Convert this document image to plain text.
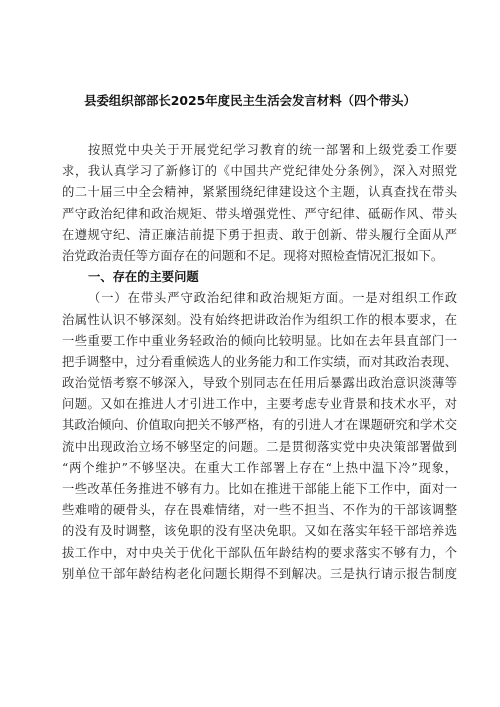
县委组织部部长2025年度民主生活会发言材料（四个带头）

按照党中央关于开展党纪学习教育的统一部署和上级党委工作要
求，我认真学习了新修订的《中国共产党纪律处分条例》，深入对照党
的二十届三中全会精神，紧紧围绕纪律建设这个主题，认真查找在带头
严守政治纪律和政治规矩、带头增强党性、严守纪律、砥砺作风、带头
在遵规守纪、清正廉洁前提下勇于担责、敢于创新、带头履行全面从严
治党政治责任等方面存在的问题和不足。现将对照检查情况汇报如下。

一、存在的主要问题

（一）在带头严守政治纪律和政治规矩方面。一是对组织工作政
治属性认识不够深刻。没有始终把讲政治作为组织工作的根本要求，在
一些重要工作中重业务轻政治的倾向比较明显。比如在去年县直部门一
把手调整中，过分看重候选人的业务能力和工作实绩，而对其政治表现、
政治觉悟考察不够深入，导致个别同志在任用后暴露出政治意识淡薄等
问题。又如在推进人才引进工作中，主要考虑专业背景和技术水平，对
其政治倾向、价值取向把关不够严格，有的引进人才在课题研究和学术交
流中出现政治立场不够坚定的问题。二是贯彻落实党中央决策部署做到
“两个维护”不够坚决。在重大工作部署上存在“上热中温下冷”现象，
一些改革任务推进不够有力。比如在推进干部能上能下工作中，面对一
些难啃的硬骨头，存在畏难情绪，对一些不担当、不作为的干部该调整
的没有及时调整，该免职的没有坚决免职。又如在落实年轻干部培养选
拔工作中，对中央关于优化干部队伍年龄结构的要求落实不够有力，个
别单位干部年龄结构老化问题长期得不到解决。三是执行请示报告制度
